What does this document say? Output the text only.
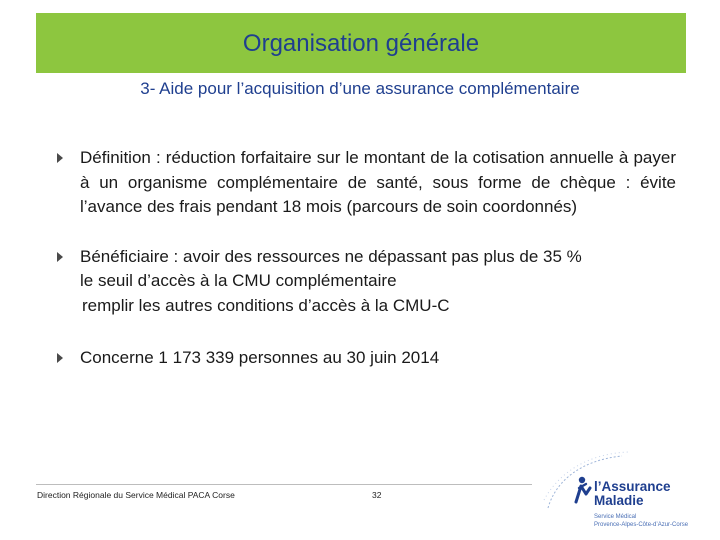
Organisation générale

3- Aide pour l’acquisition d’une assurance complémentaire

Définition : réduction forfaitaire sur le montant de la cotisation annuelle à payer à un organisme complémentaire de santé, sous forme de chèque : évite l’avance des frais pendant 18 mois (parcours de soin coordonnés)
Bénéficiaire : avoir des ressources ne dépassant pas plus de 35 %
le seuil d’accès à la CMU complémentaire
remplir les autres conditions d’accès à la CMU-C
Concerne 1 173 339 personnes au 30 juin 2014
Direction Régionale du Service Médical PACA Corse	32
l’Assurance
Maladie
Service Médical
Provence-Alpes-Côte-d’Azur-Corse
